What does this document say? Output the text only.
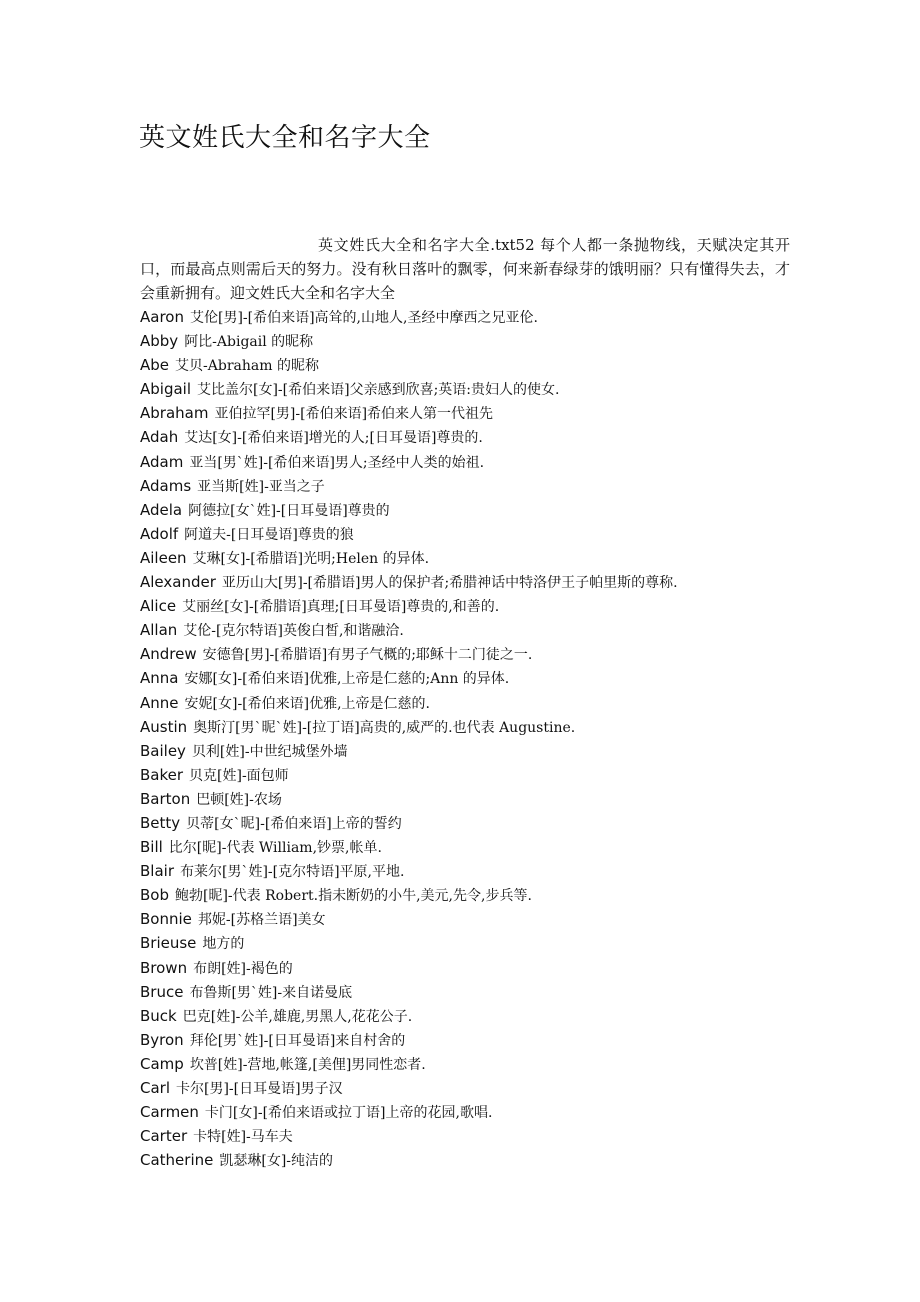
英文姓氏大全和名字大全

英文姓氏大全和名字大全.txt52 每个人都一条抛物线，天赋决定其开口，而最高点则需后天的努力。没有秋日落叶的飘零，何来新春绿芽的饿明丽？只有懂得失去，才会重新拥有。迎文姓氏大全和名字大全

Aaron 艾伦[男]-[希伯来语]高耸的,山地人,圣经中摩西之兄亚伦.
Abby 阿比-Abigail 的昵称
Abe 艾贝-Abraham 的昵称
Abigail 艾比盖尔[女]-[希伯来语]父亲感到欣喜;英语:贵妇人的使女.
Abraham 亚伯拉罕[男]-[希伯来语]希伯来人第一代祖先
Adah 艾达[女]-[希伯来语]增光的人;[日耳曼语]尊贵的.
Adam 亚当[男`姓]-[希伯来语]男人;圣经中人类的始祖.
Adams 亚当斯[姓]-亚当之子
Adela 阿德拉[女`姓]-[日耳曼语]尊贵的
Adolf 阿道夫-[日耳曼语]尊贵的狼
Aileen 艾琳[女]-[希腊语]光明;Helen 的异体.
Alexander 亚历山大[男]-[希腊语]男人的保护者;希腊神话中特洛伊王子帕里斯的尊称.
Alice 艾丽丝[女]-[希腊语]真理;[日耳曼语]尊贵的,和善的.
Allan 艾伦-[克尔特语]英俊白皙,和谐融洽.
Andrew 安德鲁[男]-[希腊语]有男子气概的;耶稣十二门徒之一.
Anna 安娜[女]-[希伯来语]优雅,上帝是仁慈的;Ann 的异体.
Anne 安妮[女]-[希伯来语]优雅,上帝是仁慈的.
Austin 奥斯汀[男`昵`姓]-[拉丁语]高贵的,威严的.也代表 Augustine.
Bailey 贝利[姓]-中世纪城堡外墙
Baker 贝克[姓]-面包师
Barton 巴顿[姓]-农场
Betty 贝蒂[女`昵]-[希伯来语]上帝的誓约
Bill 比尔[昵]-代表 William,钞票,帐单.
Blair 布莱尔[男`姓]-[克尔特语]平原,平地.
Bob 鲍勃[昵]-代表 Robert.指未断奶的小牛,美元,先令,步兵等.
Bonnie 邦妮-[苏格兰语]美女
Brieuse 地方的
Brown 布朗[姓]-褐色的
Bruce 布鲁斯[男`姓]-来自诺曼底
Buck 巴克[姓]-公羊,雄鹿,男黑人,花花公子.
Byron 拜伦[男`姓]-[日耳曼语]来自村舍的
Camp 坎普[姓]-营地,帐篷,[美俚]男同性恋者.
Carl 卡尔[男]-[日耳曼语]男子汉
Carmen 卡门[女]-[希伯来语或拉丁语]上帝的花园,歌唱.
Carter 卡特[姓]-马车夫
Catherine 凯瑟琳[女]-纯洁的
